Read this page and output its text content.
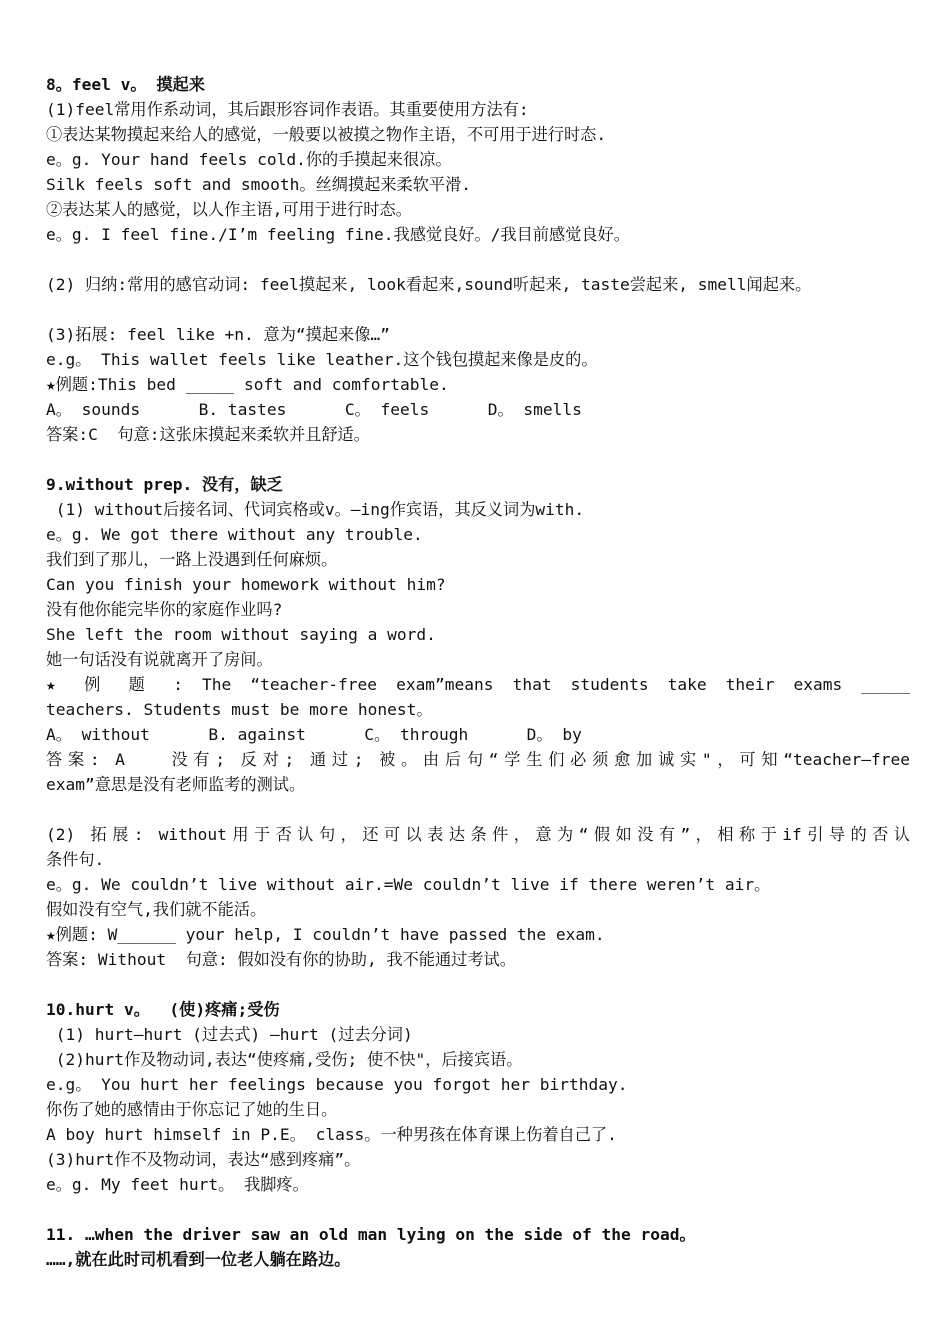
8。feel v。 摸起来
(1)feel常用作系动词，其后跟形容词作表语。其重要使用方法有:
①表达某物摸起来给人的感觉，一般要以被摸之物作主语，不可用于进行时态.
e。g. Your hand feels cold.你的手摸起来很凉。
Silk feels soft and smooth。丝绸摸起来柔软平滑.
②表达某人的感觉，以人作主语,可用于进行时态。
e。g. I feel fine./I’m feeling fine.我感觉良好。/我目前感觉良好。
(2) 归纳:常用的感官动词: feel摸起来, look看起来,sound听起来, taste尝起来, smell闻起来。
(3)拓展: feel like +n. 意为“摸起来像…”
e.g。 This wallet feels like leather.这个钱包摸起来像是皮的。
★例题:This bed _____ soft and comfortable.
A。 sounds      B. tastes      C。 feels      D。 smells
答案:C  句意:这张床摸起来柔软并且舒适。
9.without prep. 没有，缺乏
(1) without后接名词、代词宾格或v。—ing作宾语，其反义词为with.
e。g. We got there without any trouble.
我们到了那儿，一路上没遇到任何麻烦。
Can you finish your homework without him?
没有他你能完毕你的家庭作业吗?
She left the room without saying a word.
她一句话没有说就离开了房间。
★ 例 题 : The “teacher-free exam”means that students take their exams _____
teachers. Students must be more honest。
A。 without      B. against      C。 through      D。 by
答案: A   没有; 反对; 通过; 被。由后句“学生们必须愈加诚实"，可知“teacher—free
exam”意思是没有老师监考的测试。
(2) 拓展: without用于否认句，还可以表达条件，意为“假如没有”，相称于if引导的否认
条件句.
e。g. We couldn’t live without air.=We couldn’t live if there weren’t air。
假如没有空气,我们就不能活。
★例题: W______ your help, I couldn’t have passed the exam.
答案: Without  句意: 假如没有你的协助, 我不能通过考试。
10.hurt v。  (使)疼痛;受伤
(1) hurt—hurt (过去式) —hurt (过去分词)
(2)hurt作及物动词,表达“使疼痛,受伤; 使不快"，后接宾语。
e.g。 You hurt her feelings because you forgot her birthday.
你伤了她的感情由于你忘记了她的生日。
A boy hurt himself in P.E。 class。一种男孩在体育课上伤着自己了.
(3)hurt作不及物动词，表达“感到疼痛”。
e。g. My feet hurt。 我脚疼。
11. …when the driver saw an old man lying on the side of the road。
……,就在此时司机看到一位老人躺在路边。
